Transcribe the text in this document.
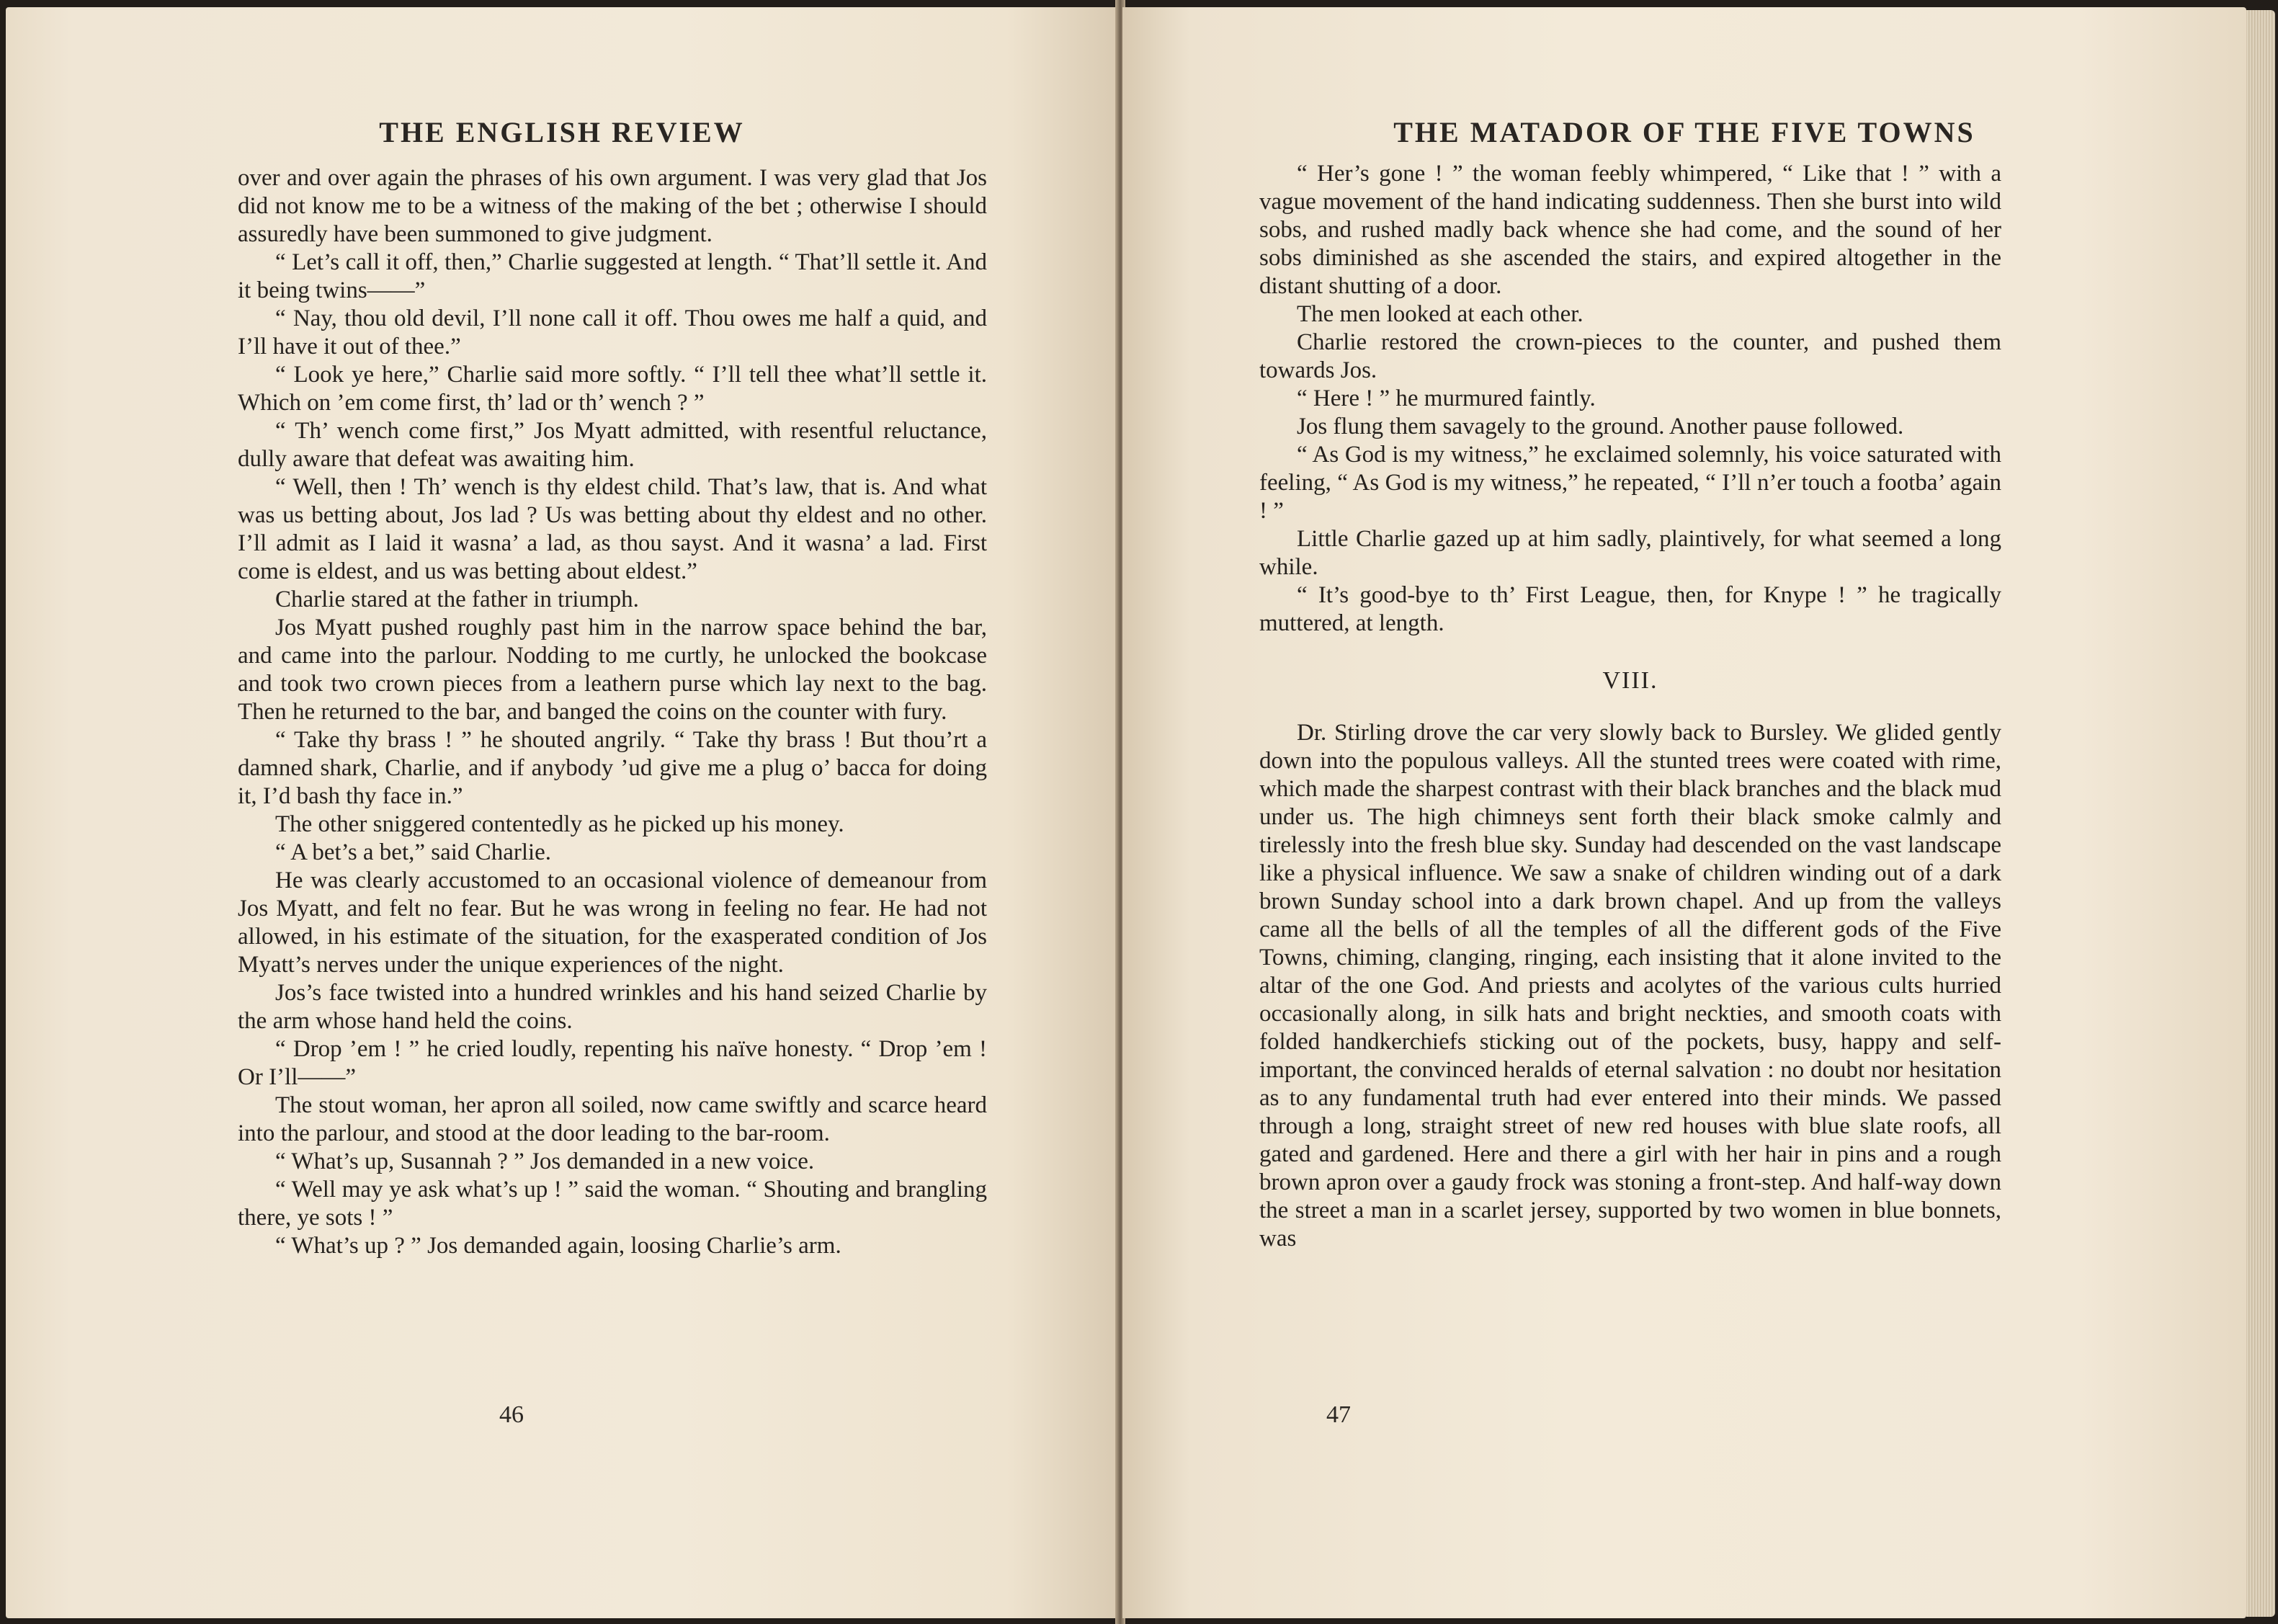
THE ENGLISH REVIEW

over and over again the phrases of his own argument. I was very glad that Jos did not know me to be a witness of the making of the bet ; otherwise I should assuredly have been summoned to give judgment.

“ Let’s call it off, then,” Charlie suggested at length. “ That’ll settle it. And it being twins——”

“ Nay, thou old devil, I’ll none call it off. Thou owes me half a quid, and I’ll have it out of thee.”

“ Look ye here,” Charlie said more softly. “ I’ll tell thee what’ll settle it. Which on ’em come first, th’ lad or th’ wench ? ”

“ Th’ wench come first,” Jos Myatt admitted, with resentful reluctance, dully aware that defeat was awaiting him.

“ Well, then ! Th’ wench is thy eldest child. That’s law, that is. And what was us betting about, Jos lad ? Us was betting about thy eldest and no other. I’ll admit as I laid it wasna’ a lad, as thou sayst. And it wasna’ a lad. First come is eldest, and us was betting about eldest.”

Charlie stared at the father in triumph.

Jos Myatt pushed roughly past him in the narrow space behind the bar, and came into the parlour. Nodding to me curtly, he unlocked the bookcase and took two crown pieces from a leathern purse which lay next to the bag. Then he returned to the bar, and banged the coins on the counter with fury.

“ Take thy brass ! ” he shouted angrily. “ Take thy brass ! But thou’rt a damned shark, Charlie, and if anybody ’ud give me a plug o’ bacca for doing it, I’d bash thy face in.”

The other sniggered contentedly as he picked up his money.

“ A bet’s a bet,” said Charlie.

He was clearly accustomed to an occasional violence of demeanour from Jos Myatt, and felt no fear. But he was wrong in feeling no fear. He had not allowed, in his estimate of the situation, for the exasperated condition of Jos Myatt’s nerves under the unique experiences of the night.

Jos’s face twisted into a hundred wrinkles and his hand seized Charlie by the arm whose hand held the coins.

“ Drop ’em ! ” he cried loudly, repenting his naïve honesty. “ Drop ’em ! Or I’ll——”

The stout woman, her apron all soiled, now came swiftly and scarce heard into the parlour, and stood at the door leading to the bar-room.

“ What’s up, Susannah ? ” Jos demanded in a new voice.

“ Well may ye ask what’s up ! ” said the woman. “ Shouting and brangling there, ye sots ! ”

“ What’s up ? ” Jos demanded again, loosing Charlie’s arm.

46
THE MATADOR OF THE FIVE TOWNS

“ Her’s gone ! ” the woman feebly whimpered, “ Like that ! ” with a vague movement of the hand indicating suddenness. Then she burst into wild sobs, and rushed madly back whence she had come, and the sound of her sobs diminished as she ascended the stairs, and expired altogether in the distant shutting of a door.

The men looked at each other.

Charlie restored the crown-pieces to the counter, and pushed them towards Jos.

“ Here ! ” he murmured faintly.

Jos flung them savagely to the ground. Another pause followed.

“ As God is my witness,” he exclaimed solemnly, his voice saturated with feeling, “ As God is my witness,” he repeated, “ I’ll n’er touch a footba’ again ! ”

Little Charlie gazed up at him sadly, plaintively, for what seemed a long while.

“ It’s good-bye to th’ First League, then, for Knype ! ” he tragically muttered, at length.

VIII.

Dr. Stirling drove the car very slowly back to Bursley. We glided gently down into the populous valleys. All the stunted trees were coated with rime, which made the sharpest contrast with their black branches and the black mud under us. The high chimneys sent forth their black smoke calmly and tirelessly into the fresh blue sky. Sunday had descended on the vast landscape like a physical influence. We saw a snake of children winding out of a dark brown Sunday school into a dark brown chapel. And up from the valleys came all the bells of all the temples of all the different gods of the Five Towns, chiming, clanging, ringing, each insisting that it alone invited to the altar of the one God. And priests and acolytes of the various cults hurried occasionally along, in silk hats and bright neckties, and smooth coats with folded handkerchiefs sticking out of the pockets, busy, happy and self-important, the convinced heralds of eternal salvation : no doubt nor hesitation as to any fundamental truth had ever entered into their minds. We passed through a long, straight street of new red houses with blue slate roofs, all gated and gardened. Here and there a girl with her hair in pins and a rough brown apron over a gaudy frock was stoning a front-step. And half-way down the street a man in a scarlet jersey, supported by two women in blue bonnets, was

47
